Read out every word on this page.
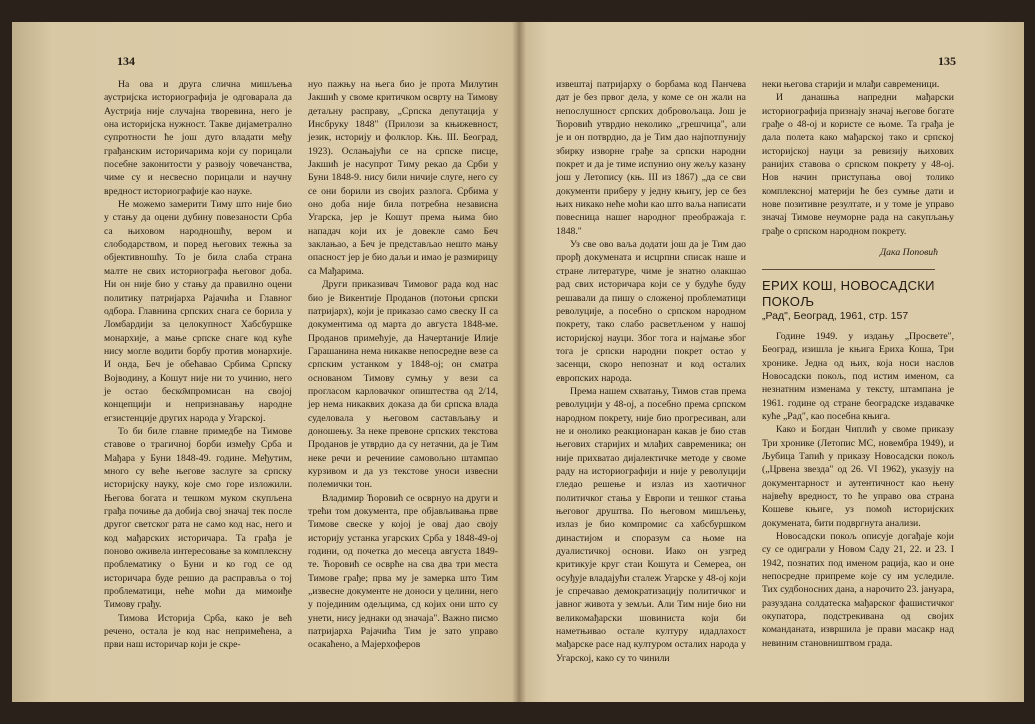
134

На ова и друга слична мишљења аустријска историографија је одговарала да Аустрија није случајна творевина, него је она историјска нужност. Такве дијаметрално супротности ће још дуго владати међу грађанским историчарима који су порицали посебне законитости у развоју човечанства, чиме су и несвесно порицали и научну вредност историографије као науке.

Не можемо замерити Тиму што није био у стању да оцени дубину повезаности Срба са њиховом народношћу, вером и слободарством, и поред његових тежња за објективношћу. То је била слаба страна малте не свих историографа његовог доба. Ни он није био у стању да правилно оцени политику патријарха Рајачића и Главног одбора. Главнина српских снага се борила у Ломбардији за целокупност Хабсбуршке монархије, а мање српске снаге код куће нису могле водити борбу против монархије. И онда, Беч је обећавао Србима Српску Војводину, а Кошут није ни то учинио, него је остао беско̄мпромисан на својој концепцији и непризнавању народне егзистенције других народа у Угарској.

То би биле главне примедбе на Тимове ставове о трагичној борби између Срба и Мађара у Буни 1848-49. године. Међутим, много су веће његове заслуге за српску историјску науку, које смо горе изложили. Његова богата и тешком муком скупљена грађа почиње да добија свој значај тек после другог светског рата не само код нас, него и код мађарских историчара. Та грађа је поново оживела интересовање за комплексну проблематику о Буни и ко год се од историчара буде решио да расправља о тој проблематици, неће моћи да мимоиђе Тимову грађу.

Тимова Историја Срба, како је већ речено, остала је код нас непримећена, а први наш историчар који је скре-

нуо пажњу на њега био је прота Милутин Јакшић у своме критичком осврту на Тимову детаљну расправу, „Српска депутација у Инсбруку 1848" (Прилози за књижевност, језик, историју и фолклор. Књ. III. Београд, 1923). Ослањајући се на српске писце, Јакшић је насупрот Тиму рекао да Срби у Буни 1848-9. нису били ничије слуге, него су се они борили из својих разлога. Србима у оно доба није била потребна независна Угарска, јер је Кошут према њима био нападач који их је довекле само Беч заклањао, а Беч је представљао нешто мању опасност јер је био даљи и имао је размирицу са Мађарима.

Други приказивач Тимовог рада код нас био је Викентије Проданов (потоњи српски патријарх), који је приказао само свеску II са документима од марта до августа 1848-ме. Проданов примећује, да Начертаније Илије Гарашанина нема никакве непосредне везе са српским устанком у 1848-ој; он сматра основаном Тимову сумњу у вези са прогласом карловачког опиштества од 2/14, јер нема никаквих доказа да би српска влада суделовала у његовом састављању и доношењу. За неке превоне српских текстова Проданов је утврдио да су нетачни, да је Тим неке речи и речениие самовољно штампао курзивом и да уз текстове уноси извесни полемички тон.

Владимир Ћоровић се осврнуо на други и трећи том документа, пре објављивања прве Тимове свеске у којој је овај дао своју историју устанка угарских Срба у 1848-49-ој години, од почетка до месеца августа 1849-те. Ћоровић се осврће на сва два три места Тимове грађе; прва му је замерка што Тим „извесне документе не доноси у целини, него у појединим одељцима, сд којих они што су унети, нису једнаки од значаја". Важно писмо патријарха Рајачића Тим је зато управо осакаћено, а Мајерхоферов

135

извештај патријарху о борбама код Панчева дат је без првог дела, у коме се он жали на непослушност српских добровољаца. Још је Ћоровић утврдио неколико „грешчица", али је и он потврдио, да је Тим дао најпотпунију збирку изворне грађе за српски народни покрет и да је тиме испунио ону жељу казану још у Летопису (књ. III из 1867) „да се сви документи приберу у једну књигу, јер се без њих никако неће моћи као што ваља написати повесница нашег народног преображаја г. 1848."

Уз све ово ваља додати још да је Тим дао прорђ докумената и исцрпни списак наше и стране литературе, чиме је знатно олакшао рад свих историчара који се у будуће буду решавали да пишу о сложеној проблематици револуције, а посебно о српском народном покрету, тако слабо расветљеном у нашој историјској науци. Због тога и најмање због тога је српски народни покрет остао у засенци, скоро непознат и код осталих европских народа.

Према нашем схватању, Тимов став према револуцији у 48-ој, а посебно према српском народном покрету, није био прогресиван, али не и онолико реакционаран какав је био став његових старијих и млађих савременика; он није прихватао дијалектичке методе у своме раду на историографији и није у револуцији гледао решење и излаз из хаотичног политичког стања у Европи и тешког стања његовог друштва. По његовом мишљењу, излаз је био компромис са хабсбуршком династијом и споразум са њоме на дуалистичкој основи. Иако он узгред критикује круг стаи Кошута и Семереа, он осуђује владајући сталеж Угарске у 48-ој који је спречавао демократизацију политичког и јавног живота у земљи. Али Тим није био ни великомађарски шовиниста који би наметњивао остале културу идадлахост мађарске расе над културом осталих народа у Угарској, како су то чинили

неки његова старији и млађи савременици.

И данашња напредни мађарски историографија признају значај његове богате грађе о 48-ој и користе се њоме. Та грађа је дала полета како мађарској тако и српској историјској науци за ревизију њихових ранијих ставова о српском покрету у 48-ој. Нов начин приступања овој толико комплексној материји ће без сумње дати и нове позитивне резултате, и у томе је управо значај Тимове неуморне рада на сакупљању грађе о српском народном покрету.

Дака Поповић

ЕРИХ КОШ, НОВОСАДСКИ ПОКОЉ

„Рад", Београд, 1961, стр. 157

Године 1949. у издању „Просвете", Београд, изишла је књига Ериха Коша, Три хронике. Једна од њих, која носи наслов Новосадски покољ, под истим именом, са незнатним изменама у тексту, штампана је 1961. године од стране београдске издавачке куће „Рад", као посебна књига.

Како и Богдан Чиплић у своме приказу Три хронике (Летопис МС, новембра 1949), и Љубица Тапић у приказу Новосадски покољ („Црвена звезда" од 26. VI 1962), указују на документарност и аутентичност као њену највећу вредност, то ће управо ова страна Кошеве књиге, уз помоћ историјских докумената, бити подвргнута анализи.

Новосадски покољ описује догађаје који су се одиграли у Новом Саду 21, 22. и 23. I 1942, познатих под именом рација, као и оне непосредне припреме које су им уследиле. Тих судбоносних дана, а нарочито 23. јануара, разуздана солдатеска мађарског фашистичког окупатора, подстрекивана од својих команданата, извршила је прави масакр над невиним становништвом града.
